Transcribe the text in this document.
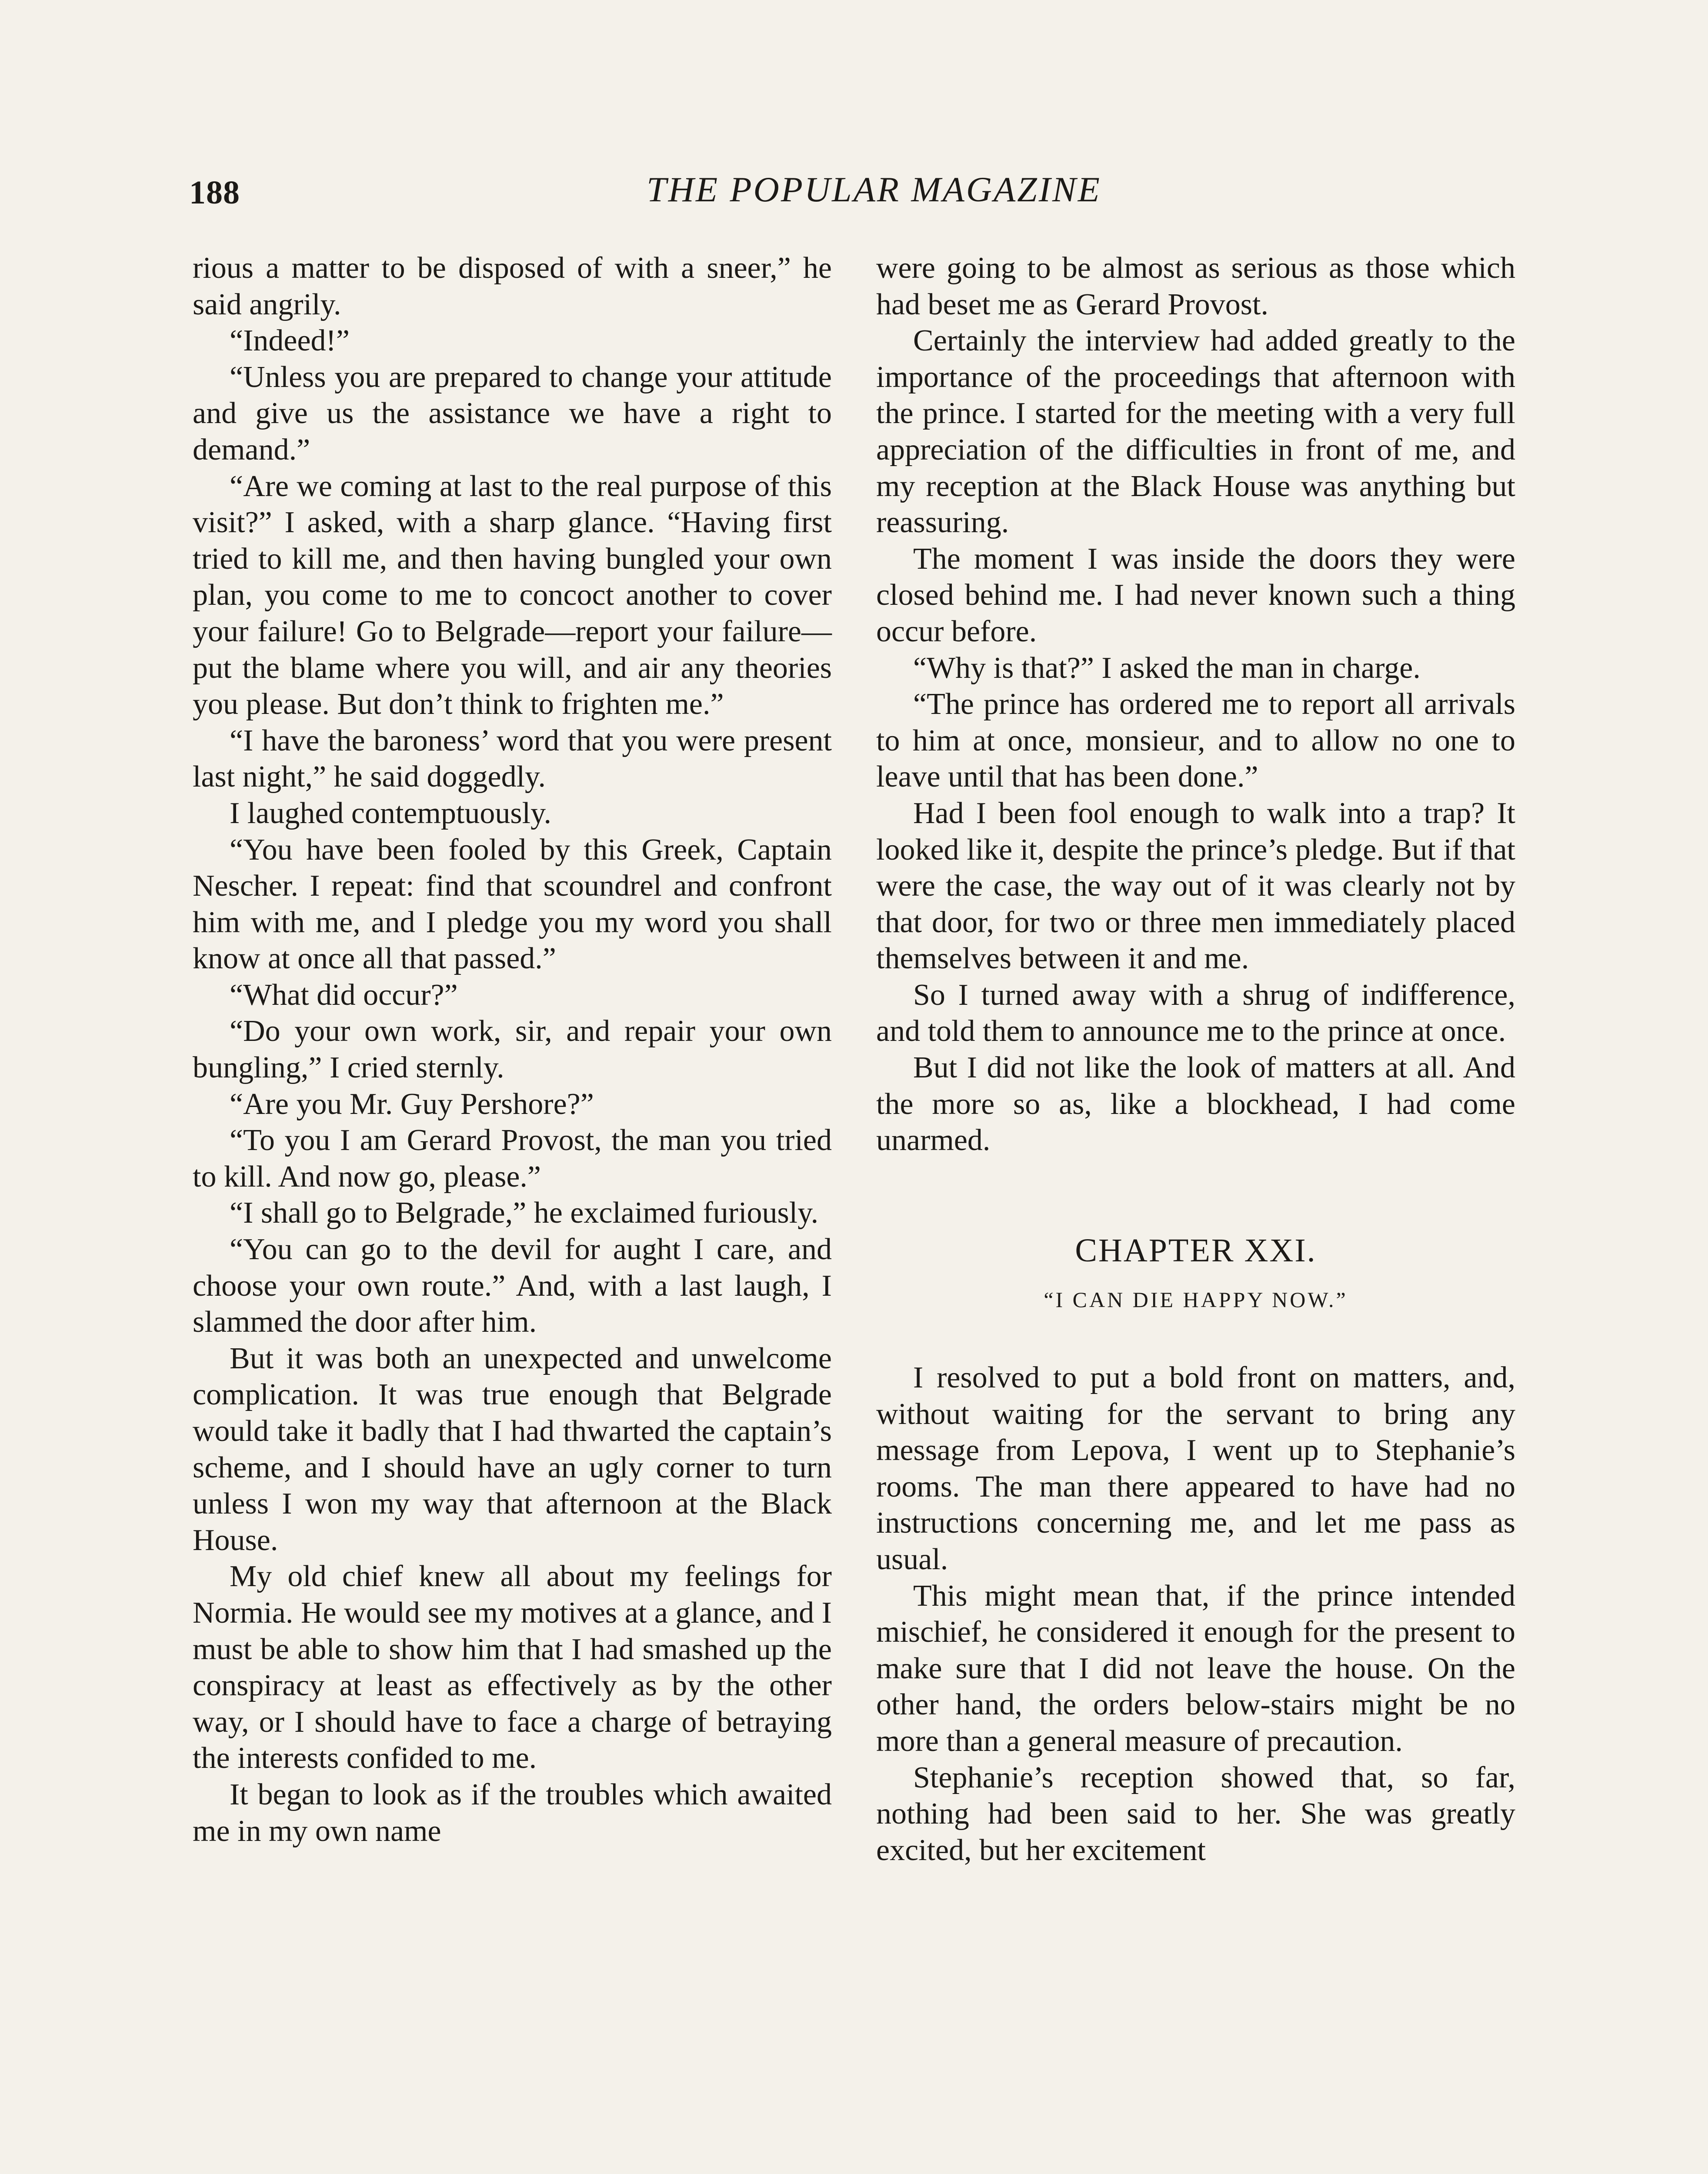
188	THE POPULAR MAGAZINE

rious a matter to be disposed of with a sneer,” he said angrily.

“Indeed!”

“Unless you are prepared to change your attitude and give us the assistance we have a right to demand.”

“Are we coming at last to the real purpose of this visit?” I asked, with a sharp glance. “Having first tried to kill me, and then having bungled your own plan, you come to me to concoct another to cover your failure! Go to Belgrade—report your failure—put the blame where you will, and air any theories you please. But don’t think to frighten me.”

“I have the baroness’ word that you were present last night,” he said doggedly.

I laughed contemptuously.

“You have been fooled by this Greek, Captain Nescher. I repeat: find that scoundrel and confront him with me, and I pledge you my word you shall know at once all that passed.”

“What did occur?”

“Do your own work, sir, and repair your own bungling,” I cried sternly.

“Are you Mr. Guy Pershore?”

“To you I am Gerard Provost, the man you tried to kill. And now go, please.”

“I shall go to Belgrade,” he exclaimed furiously.

“You can go to the devil for aught I care, and choose your own route.” And, with a last laugh, I slammed the door after him.

But it was both an unexpected and unwelcome complication. It was true enough that Belgrade would take it badly that I had thwarted the captain’s scheme, and I should have an ugly corner to turn unless I won my way that afternoon at the Black House.

My old chief knew all about my feelings for Normia. He would see my motives at a glance, and I must be able to show him that I had smashed up the conspiracy at least as effectively as by the other way, or I should have to face a charge of betraying the interests confided to me.

It began to look as if the troubles which awaited me in my own name

were going to be almost as serious as those which had beset me as Gerard Provost.

Certainly the interview had added greatly to the importance of the proceedings that afternoon with the prince. I started for the meeting with a very full appreciation of the difficulties in front of me, and my reception at the Black House was anything but reassuring.

The moment I was inside the doors they were closed behind me. I had never known such a thing occur before.

“Why is that?” I asked the man in charge.

“The prince has ordered me to report all arrivals to him at once, monsieur, and to allow no one to leave until that has been done.”

Had I been fool enough to walk into a trap? It looked like it, despite the prince’s pledge. But if that were the case, the way out of it was clearly not by that door, for two or three men immediately placed themselves between it and me.

So I turned away with a shrug of indifference, and told them to announce me to the prince at once.

But I did not like the look of matters at all. And the more so as, like a blockhead, I had come unarmed.

CHAPTER XXI.
“I CAN DIE HAPPY NOW.”

I resolved to put a bold front on matters, and, without waiting for the servant to bring any message from Lepova, I went up to Stephanie’s rooms. The man there appeared to have had no instructions concerning me, and let me pass as usual.

This might mean that, if the prince intended mischief, he considered it enough for the present to make sure that I did not leave the house. On the other hand, the orders below-stairs might be no more than a general measure of precaution.

Stephanie’s reception showed that, so far, nothing had been said to her. She was greatly excited, but her excitement
